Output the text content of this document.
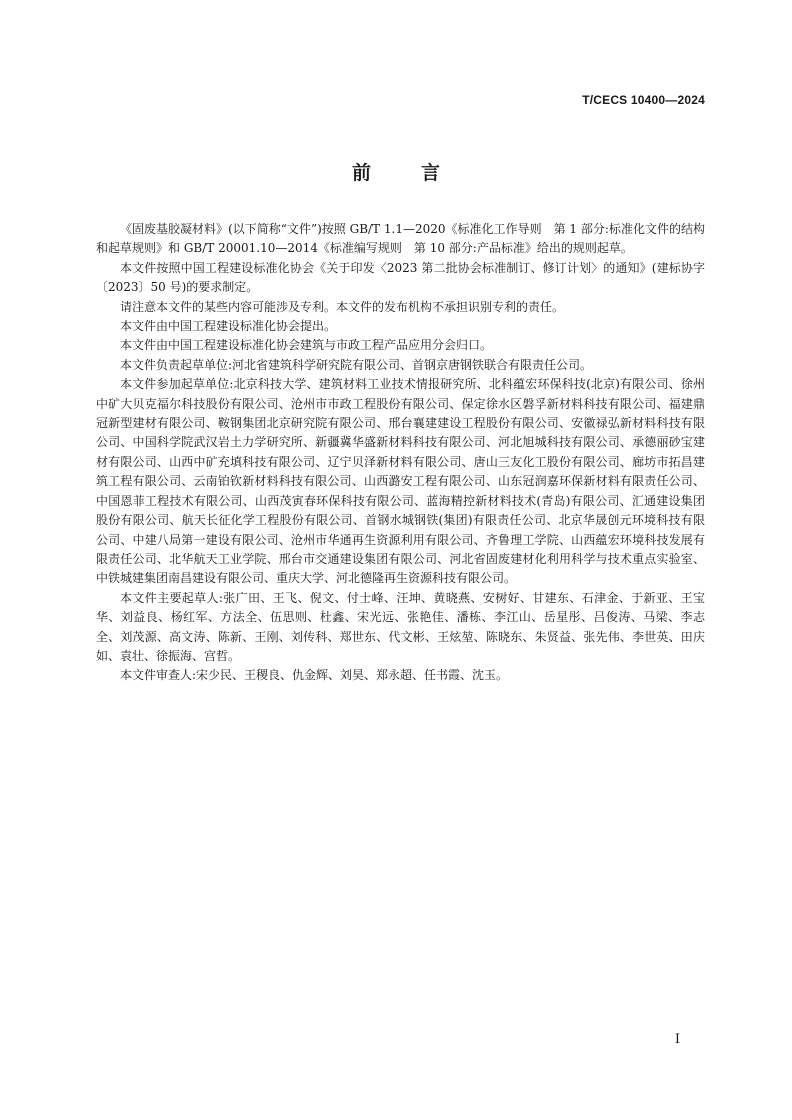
T/CECS 10400—2024
前言

《固废基胶凝材料》(以下简称“文件”)按照 GB/T 1.1—2020《标准化工作导则　第 1 部分:标准化文件的结构和起草规则》和 GB/T 20001.10—2014《标准编写规则　第 10 部分:产品标准》给出的规则起草。

本文件按照中国工程建设标准化协会《关于印发〈2023 第二批协会标准制订、修订计划〉的通知》(建标协字〔2023〕50 号)的要求制定。

请注意本文件的某些内容可能涉及专利。本文件的发布机构不承担识别专利的责任。

本文件由中国工程建设标准化协会提出。

本文件由中国工程建设标准化协会建筑与市政工程产品应用分会归口。

本文件负责起草单位:河北省建筑科学研究院有限公司、首钢京唐钢铁联合有限责任公司。

本文件参加起草单位:北京科技大学、建筑材料工业技术情报研究所、北科蕴宏环保科技(北京)有限公司、徐州中矿大贝克福尔科技股份有限公司、沧州市市政工程股份有限公司、保定徐水区磐孚新材料科技有限公司、福建鼎冠新型建材有限公司、鞍钢集团北京研究院有限公司、邢台襄建建设工程股份有限公司、安徽禄弘新材料科技有限公司、中国科学院武汉岩土力学研究所、新疆冀华盛新材料科技有限公司、河北旭城科技有限公司、承德丽砂宝建材有限公司、山西中矿充填科技有限公司、辽宁贝泽新材料有限公司、唐山三友化工股份有限公司、廊坊市拓昌建筑工程有限公司、云南铂钦新材料科技有限公司、山西潞安工程有限公司、山东冠润嘉环保新材料有限责任公司、中国恩菲工程技术有限公司、山西茂寅春环保科技有限公司、蓝海精控新材料技术(青岛)有限公司、汇通建设集团股份有限公司、航天长征化学工程股份有限公司、首钢水城钢铁(集团)有限责任公司、北京华晟创元环境科技有限公司、中建八局第一建设有限公司、沧州市华通再生资源利用有限公司、齐鲁理工学院、山西蕴宏环境科技发展有限责任公司、北华航天工业学院、邢台市交通建设集团有限公司、河北省固废建材化利用科学与技术重点实验室、中铁城建集团南昌建设有限公司、重庆大学、河北德隆再生资源科技有限公司。

本文件主要起草人:张广田、王飞、倪文、付士峰、汪坤、黄晓燕、安树好、甘建东、石津金、于新亚、王宝华、刘益良、杨红军、方法全、伍思则、杜鑫、宋光远、张艳佳、潘栋、李江山、岳星彤、吕俊涛、马梁、李志全、刘茂源、高文涛、陈新、王刚、刘传科、郑世东、代文彬、王炫堃、陈晓东、朱贤益、张先伟、李世英、田庆如、袁壮、徐振海、宫哲。

本文件审查人:宋少民、王稷良、仇金辉、刘昊、郑永超、任书霞、沈玉。

I
